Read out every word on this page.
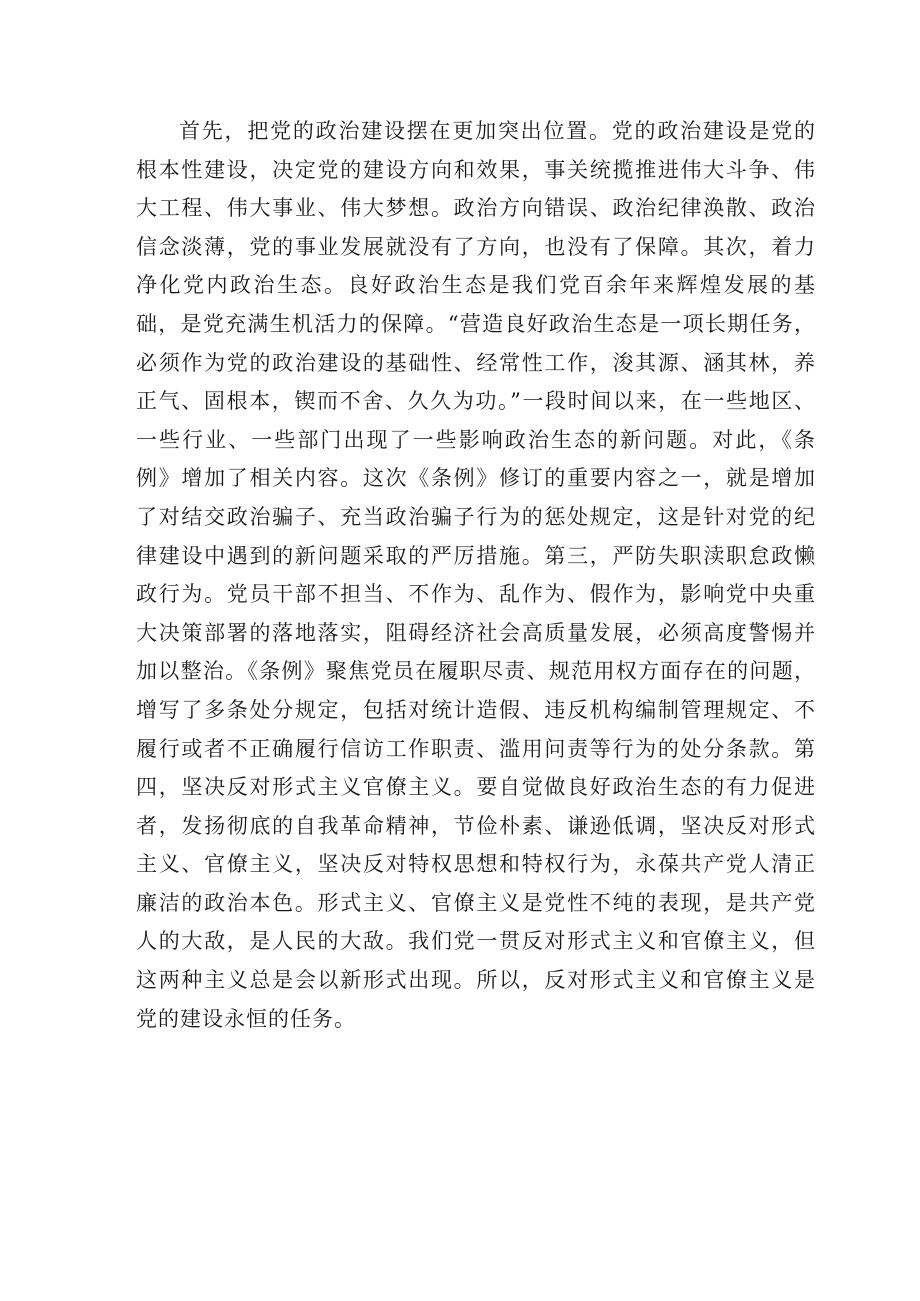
首先，把党的政治建设摆在更加突出位置。党的政治建设是党的根本性建设，决定党的建设方向和效果，事关统揽推进伟大斗争、伟大工程、伟大事业、伟大梦想。政治方向错误、政治纪律涣散、政治信念淡薄，党的事业发展就没有了方向，也没有了保障。其次，着力净化党内政治生态。良好政治生态是我们党百余年来辉煌发展的基础，是党充满生机活力的保障。“营造良好政治生态是一项长期任务，必须作为党的政治建设的基础性、经常性工作，浚其源、涵其林，养正气、固根本，锲而不舍、久久为功。”一段时间以来，在一些地区、一些行业、一些部门出现了一些影响政治生态的新问题。对此，《条例》增加了相关内容。这次《条例》修订的重要内容之一，就是增加了对结交政治骗子、充当政治骗子行为的惩处规定，这是针对党的纪律建设中遇到的新问题采取的严厉措施。第三，严防失职渎职怠政懒政行为。党员干部不担当、不作为、乱作为、假作为，影响党中央重大决策部署的落地落实，阻碍经济社会高质量发展，必须高度警惕并加以整治。《条例》聚焦党员在履职尽责、规范用权方面存在的问题，增写了多条处分规定，包括对统计造假、违反机构编制管理规定、不履行或者不正确履行信访工作职责、滥用问责等行为的处分条款。第四，坚决反对形式主义官僚主义。要自觉做良好政治生态的有力促进者，发扬彻底的自我革命精神，节俭朴素、谦逊低调，坚决反对形式主义、官僚主义，坚决反对特权思想和特权行为，永葆共产党人清正廉洁的政治本色。形式主义、官僚主义是党性不纯的表现，是共产党人的大敌，是人民的大敌。我们党一贯反对形式主义和官僚主义，但这两种主义总是会以新形式出现。所以，反对形式主义和官僚主义是党的建设永恒的任务。
